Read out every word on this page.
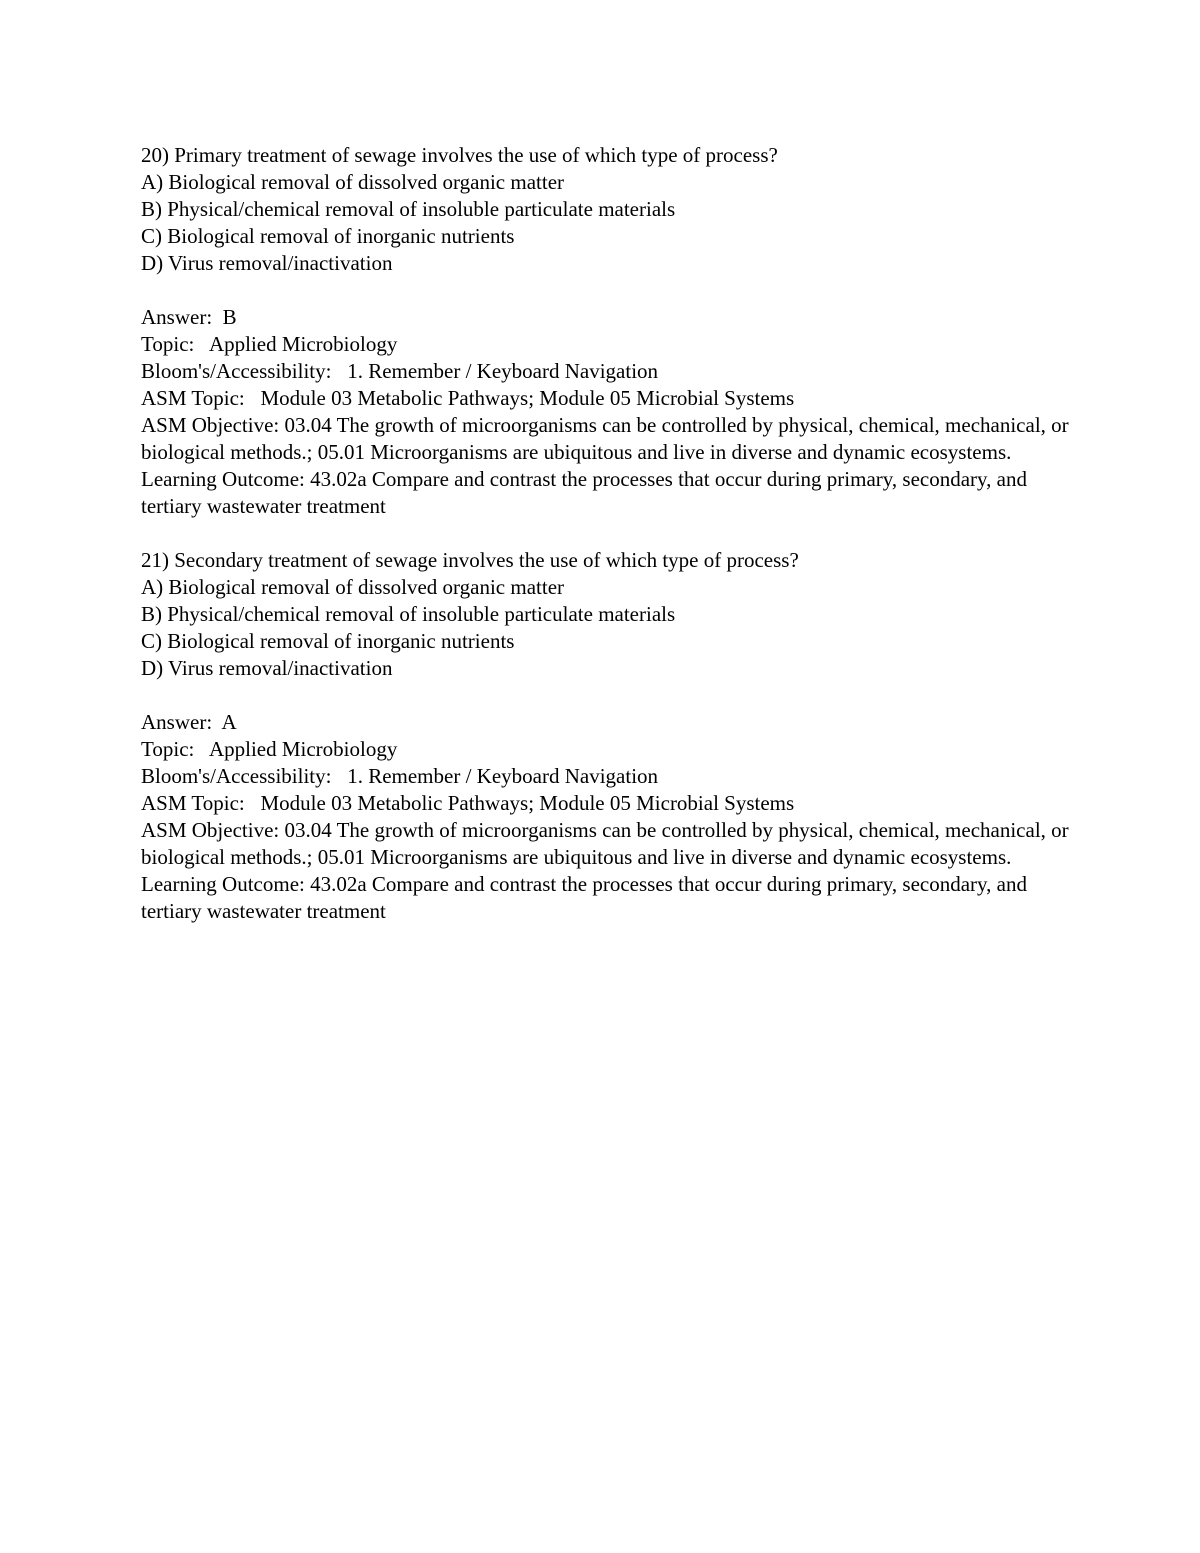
20) Primary treatment of sewage involves the use of which type of process?
A) Biological removal of dissolved organic matter
B) Physical/chemical removal of insoluble particulate materials
C) Biological removal of inorganic nutrients
D) Virus removal/inactivation
Answer:  B
Topic:   Applied Microbiology
Bloom's/Accessibility:   1. Remember / Keyboard Navigation
ASM Topic:   Module 03 Metabolic Pathways; Module 05 Microbial Systems
ASM Objective: 03.04 The growth of microorganisms can be controlled by physical, chemical, mechanical, or biological methods.; 05.01 Microorganisms are ubiquitous and live in diverse and dynamic ecosystems.
Learning Outcome: 43.02a Compare and contrast the processes that occur during primary, secondary, and tertiary wastewater treatment
21) Secondary treatment of sewage involves the use of which type of process?
A) Biological removal of dissolved organic matter
B) Physical/chemical removal of insoluble particulate materials
C) Biological removal of inorganic nutrients
D) Virus removal/inactivation
Answer:  A
Topic:   Applied Microbiology
Bloom's/Accessibility:   1. Remember / Keyboard Navigation
ASM Topic:   Module 03 Metabolic Pathways; Module 05 Microbial Systems
ASM Objective: 03.04 The growth of microorganisms can be controlled by physical, chemical, mechanical, or biological methods.; 05.01 Microorganisms are ubiquitous and live in diverse and dynamic ecosystems.
Learning Outcome: 43.02a Compare and contrast the processes that occur during primary, secondary, and tertiary wastewater treatment
